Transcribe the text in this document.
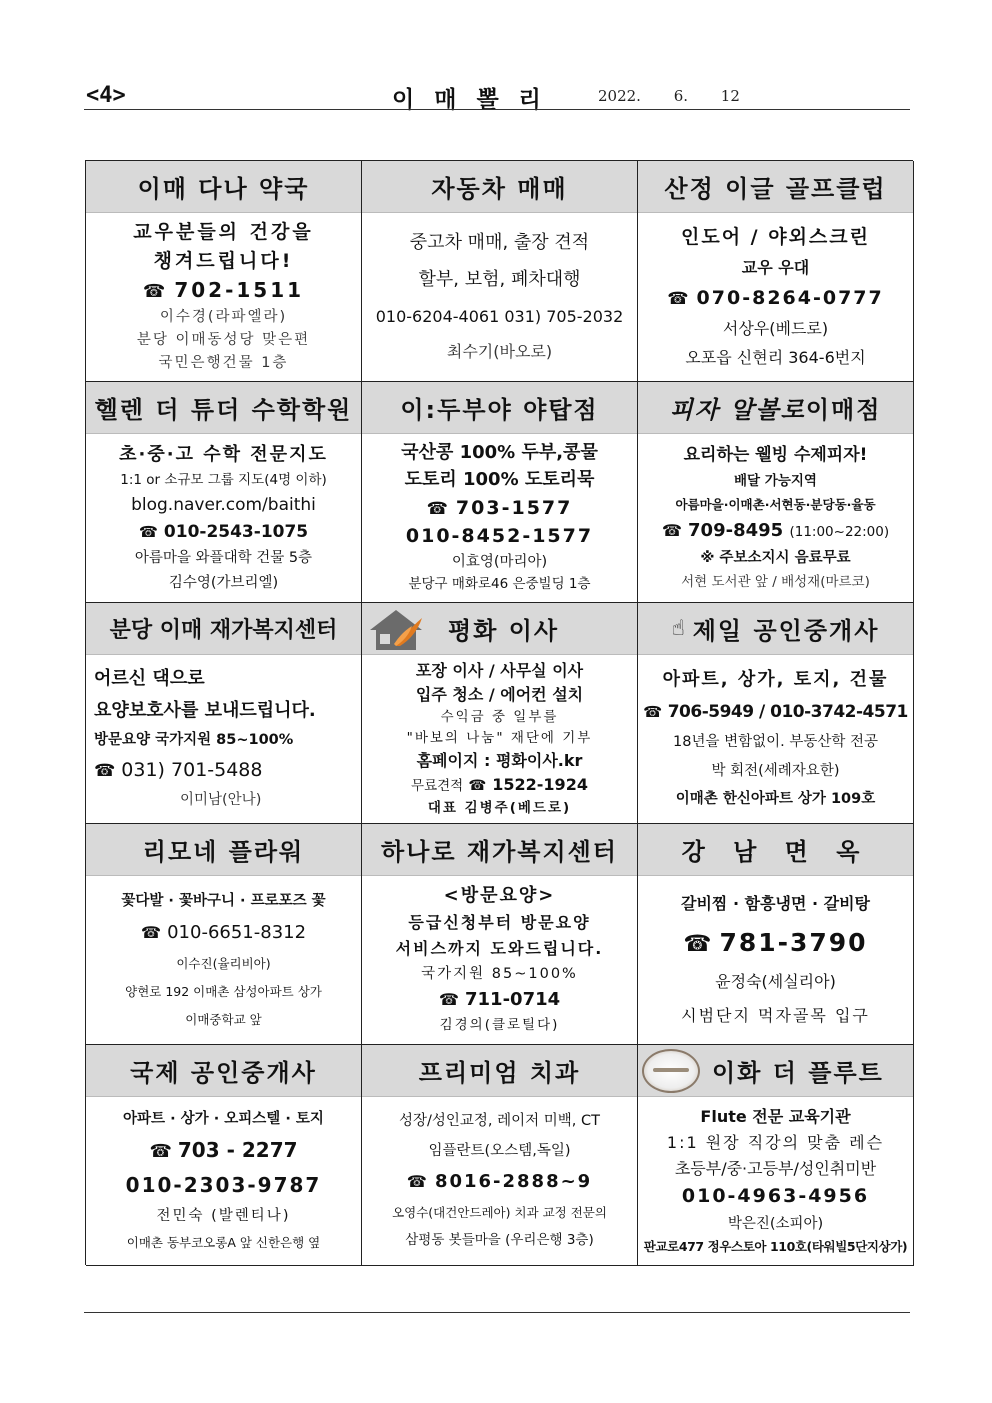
<4>	이 매 뽈 리	2022. 6. 12
이매 다나 약국
교우분들의 건강을
챙겨드립니다!
☎ 702-1511
이수경(라파엘라)
분당 이매동성당 맞은편
국민은행건물 1층
자동차 매매
중고차 매매, 출장 견적
할부, 보험, 폐차대행
010-6204-4061 031) 705-2032
최수기(바오로)
산정 이글 골프클럽
인도어 / 야외스크린
교우 우대
☎ 070-8264-0777
서상우(베드로)
오포읍 신현리 364-6번지
헬렌 더 튜더 수학학원
초·중·고 수학 전문지도
1:1 or 소규모 그룹 지도(4명 이하)
blog.naver.com/baithi
☎ 010-2543-1075
아름마을 와플대학 건물 5층
김수영(가브리엘)
이:두부야 야탑점
국산콩 100% 두부,콩물
도토리 100% 도토리묵
☎ 703-1577
010-8452-1577
이효영(마리아)
분당구 매화로46 은중빌딩 1층
피자 알볼로 이매점
요리하는 웰빙 수제피자!
배달 가능지역
아름마을·이매촌·서현동·분당동·율동
☎ 709-8495 (11:00~22:00)
※ 주보소지시 음료무료
서현 도서관 앞 / 배성재(마르코)
분당 이매 재가복지센터
어르신 댁으로
요양보호사를 보내드립니다.
방문요양 국가지원 85~100%
☎ 031) 701-5488
이미남(안나)
평화 이사
포장 이사 / 사무실 이사
입주 청소 / 에어컨 설치
수익금 중 일부를
"바보의 나눔" 재단에 기부
홈페이지 : 평화이사.kr
무료견적 ☎ 1522-1924
대표 김병주(베드로)
☝ 제일 공인중개사
아파트, 상가, 토지, 건물
☎ 706-5949 / 010-3742-4571
18년을 변함없이. 부동산학 전공
박 회전(세례자요한)
이매촌 한신아파트 상가 109호
리모네 플라워
꽃다발 · 꽃바구니 · 프로포즈 꽃
☎ 010-6651-8312
이수진(율리비아)
양현로 192 이매촌 삼성아파트 상가
이매중학교 앞
하나로 재가복지센터
<방문요양>
등급신청부터 방문요양
서비스까지 도와드립니다.
국가지원 85~100%
☎ 711-0714
김경의(클로틸다)
강 남 면 옥
갈비찜 · 함흥냉면 · 갈비탕
☎ 781-3790
윤정숙(세실리아)
시범단지 먹자골목 입구
국제 공인중개사
아파트 · 상가 · 오피스텔 · 토지
☎ 703 - 2277
010-2303-9787
전민숙 (발렌티나)
이매촌 동부코오롱A 앞 신한은행 옆
프리미엄 치과
성장/성인교정, 레이저 미백, CT
임플란트(오스템,독일)
☎ 8016-2888~9
오영수(대건안드레아) 치과 교정 전문의
삼평동 봇들마을 (우리은행 3층)
이화 더 플루트
Flute 전문 교육기관
1:1 원장 직강의 맞춤 레슨
초등부/중·고등부/성인취미반
010-4963-4956
박은진(소피아)
판교로477 정우스토아 110호(타워빌5단지상가)
